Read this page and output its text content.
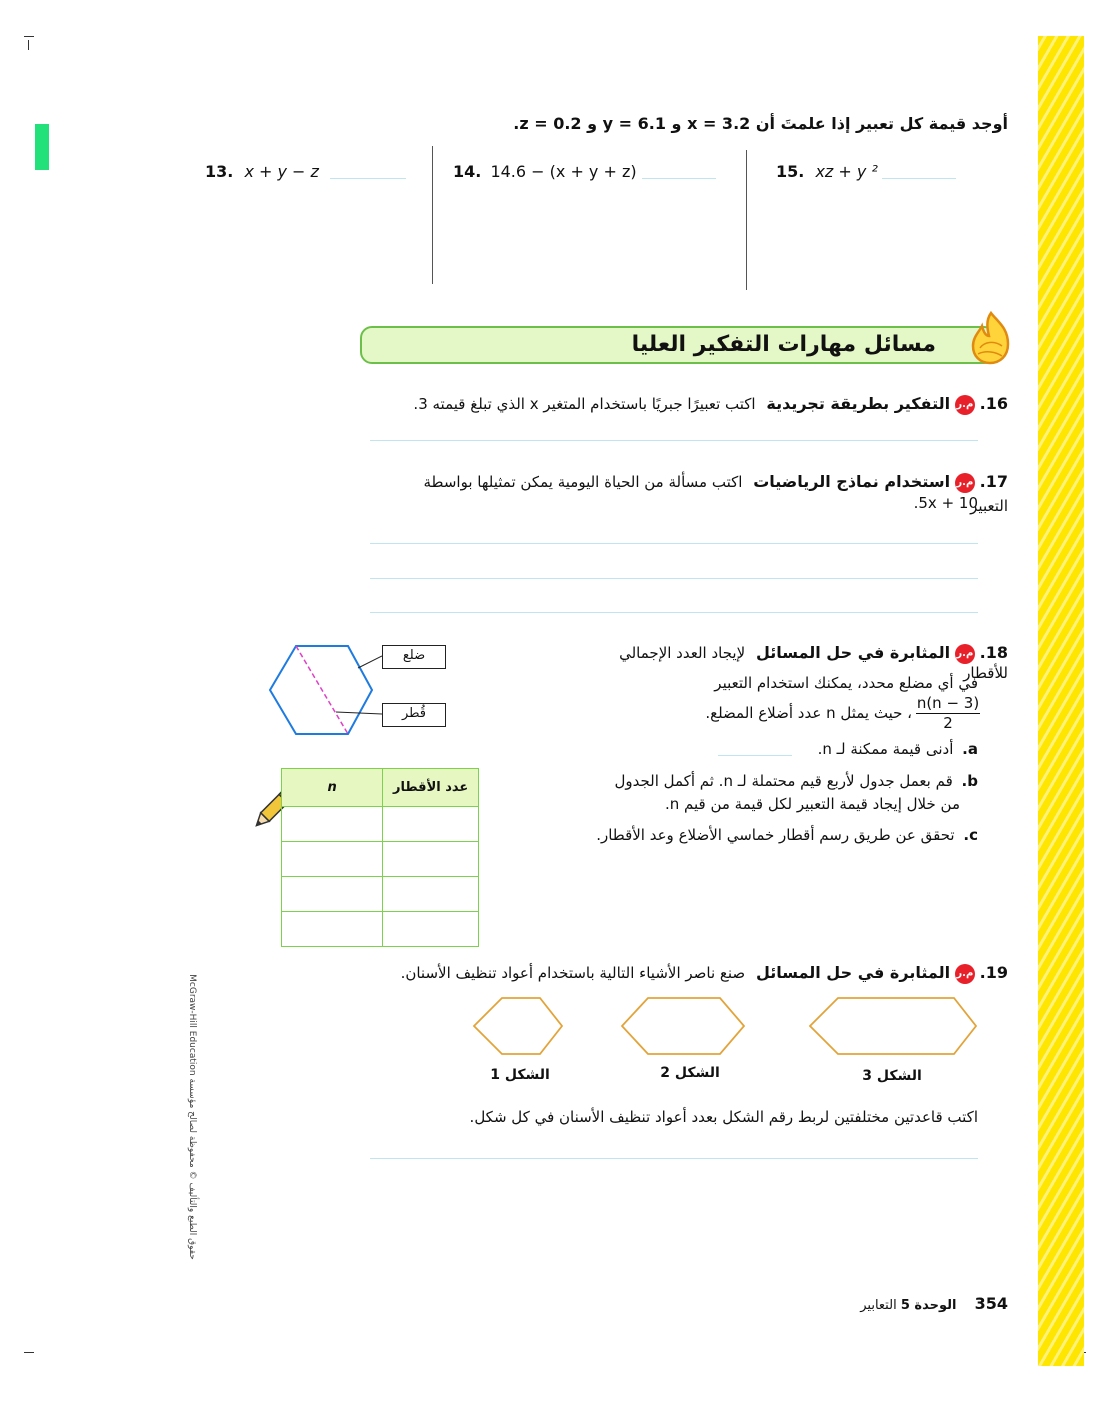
أوجد قيمة كل تعبير إذا علمتَ أن x = 3.2 و y = 6.1 و z = 0.2.
13. x + y − z	14. 14.6 − (x + y + z)	15. xz + y ²
مسائل مهارات التفكير العليا
16. م.ر التفكير بطريقة تجريدية اكتب تعبيرًا جبريًا باستخدام المتغير x الذي تبلغ قيمته 3.
17. م.ر استخدام نماذج الرياضيات اكتب مسألة من الحياة اليومية يمكن تمثيلها بواسطة التعبير
5x + 10.
18. م.ر المثابرة في حل المسائل لإيجاد العدد الإجمالي للأقطار
في أي مضلع محدد، يمكنك استخدام التعبير
$\frac{n(n - 3)}{2}$
، حيث يمثل n عدد أضلاع المضلع.
a. أدنى قيمة ممكنة لـ n.
b. قم بعمل جدول لأربع قيم محتملة لـ n. ثم أكمل الجدول
من خلال إيجاد قيمة التعبير لكل قيمة من قيم n.
c. تحقق عن طريق رسم أقطار خماسي الأضلاع وعد الأقطار.
ضلع
قُطر
n	عدد الأقطار

19. م.ر المثابرة في حل المسائل صنع ناصر الأشياء التالية باستخدام أعواد تنظيف الأسنان.
الشكل 1	الشكل 2	الشكل 3
اكتب قاعدتين مختلفتين لربط رقم الشكل بعدد أعواد تنظيف الأسنان في كل شكل.
McGraw-Hill Education حقوق الطبع والتأليف © محفوظة لصالح مؤسسة
354 الوحدة 5 التعابير
